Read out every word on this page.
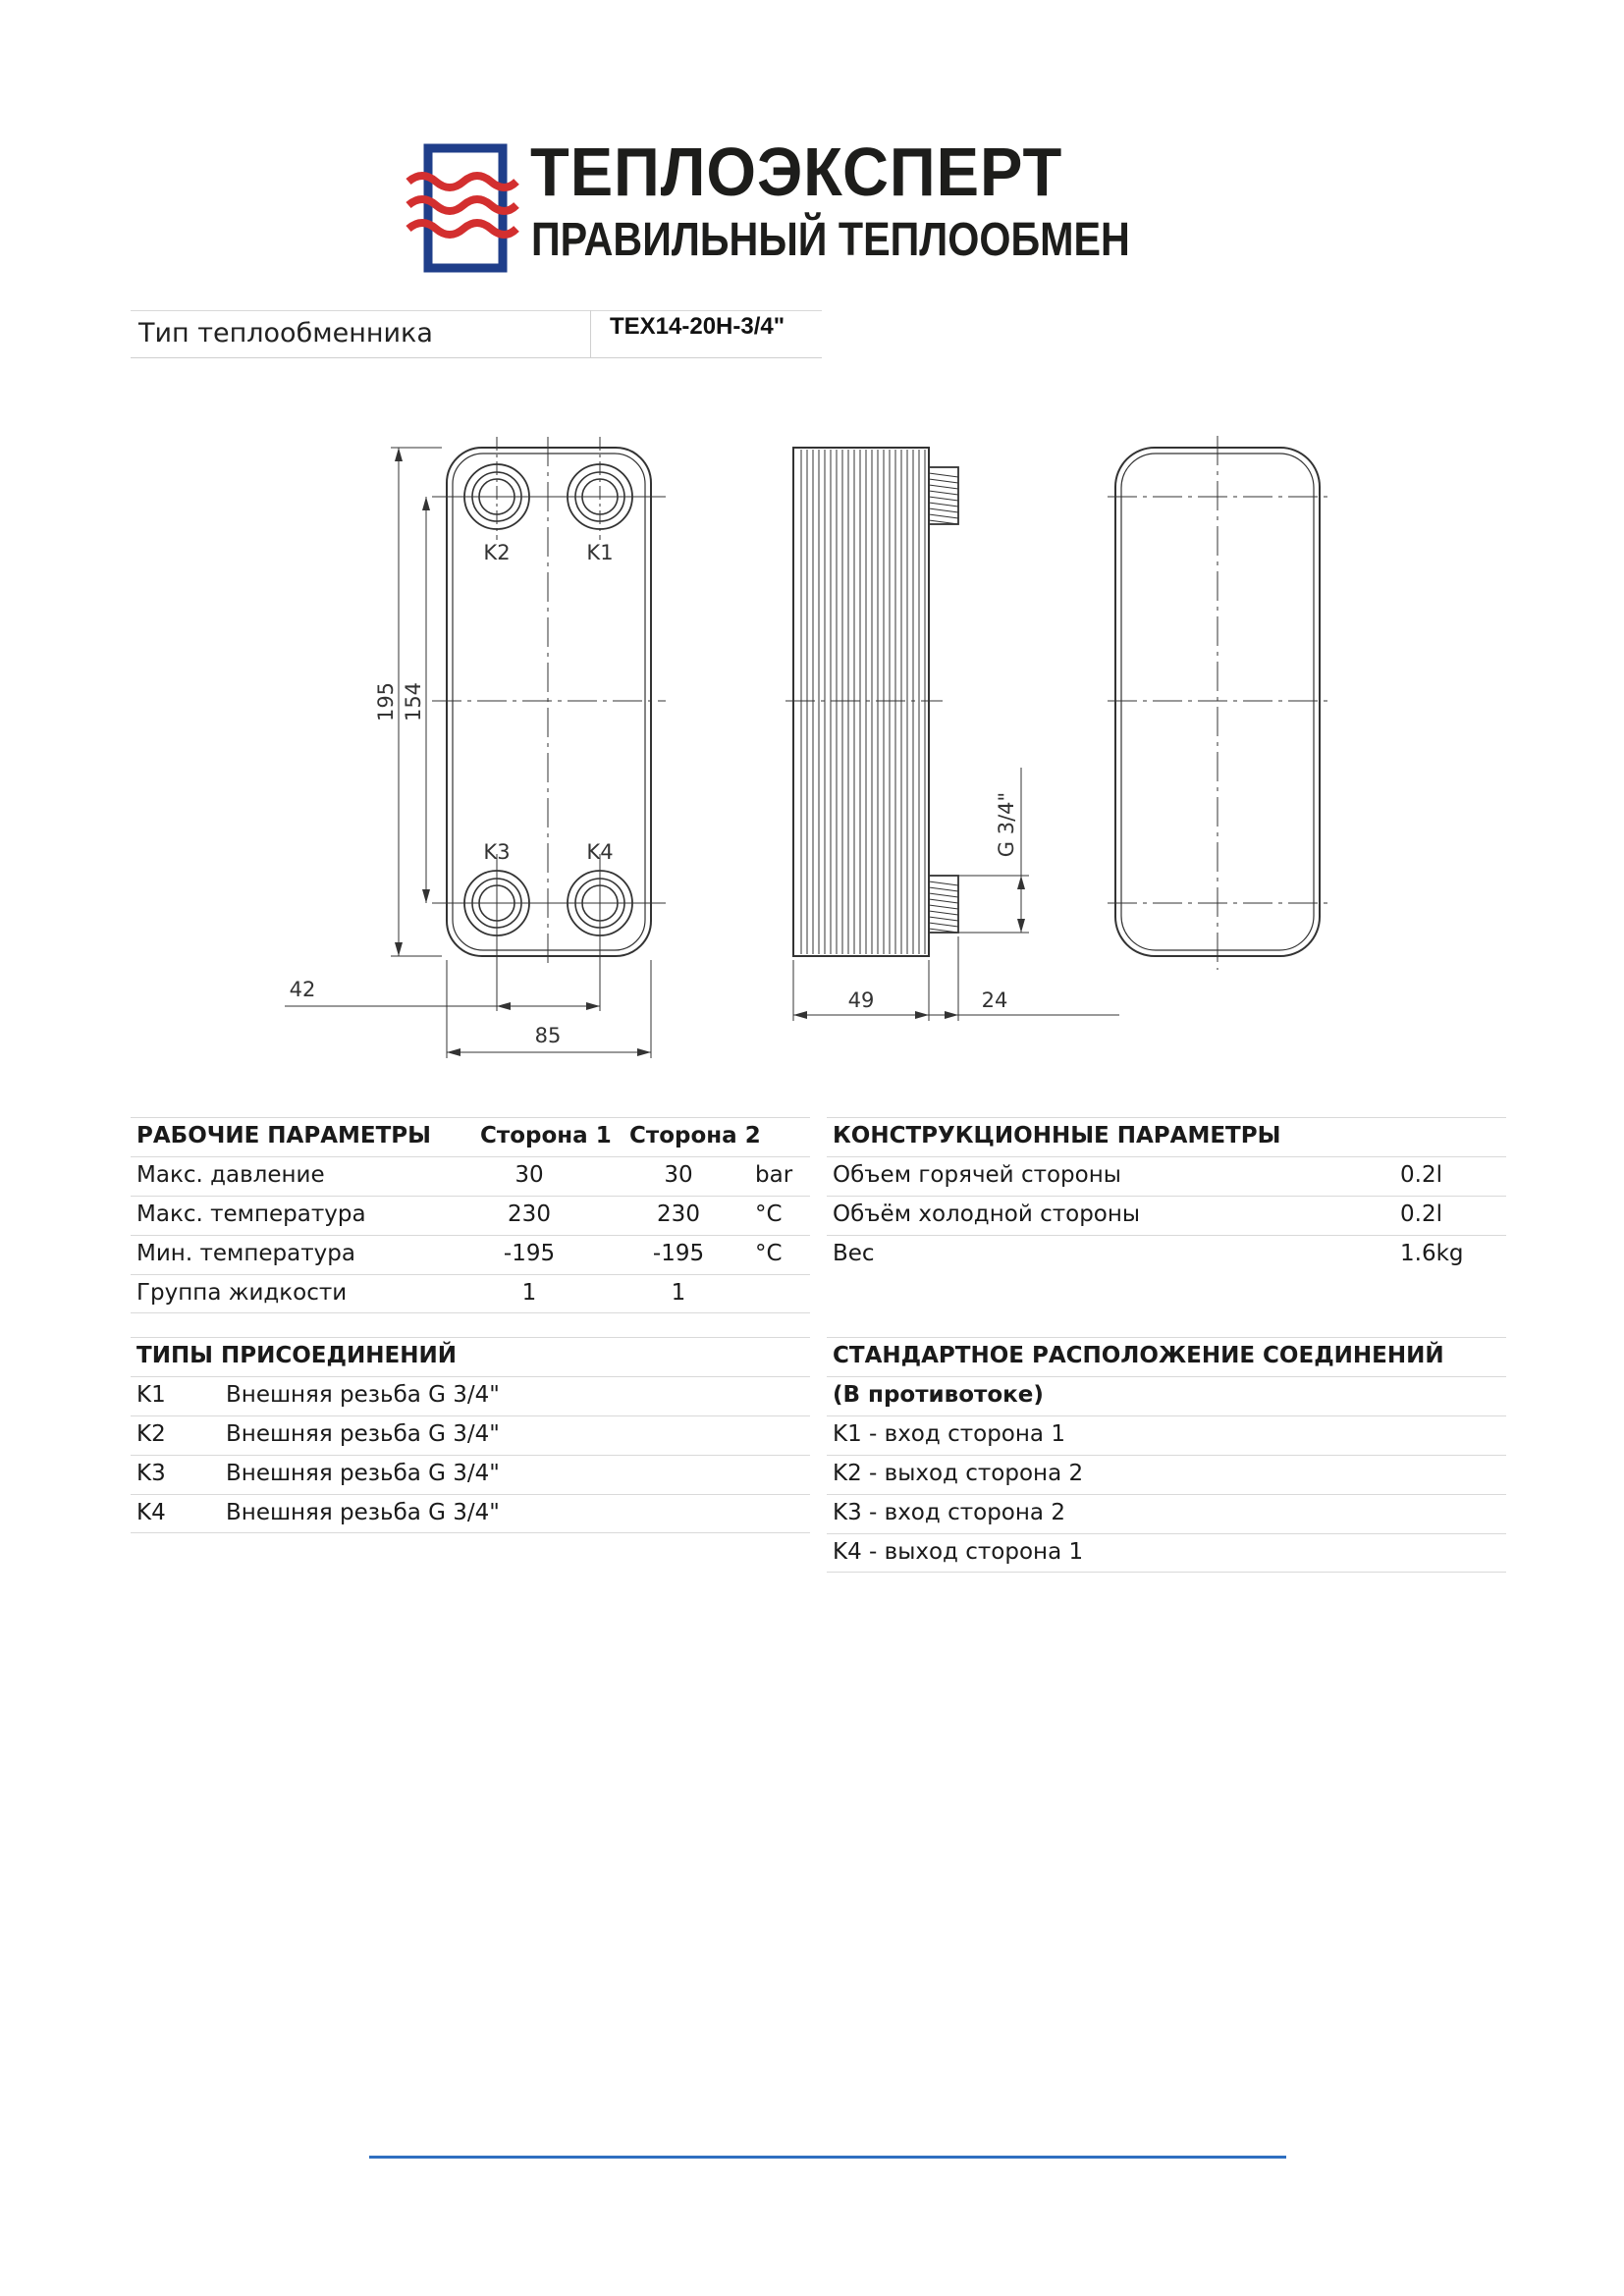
ТЕПЛОЭКСПЕРТ
ПРАВИЛЬНЫЙ ТЕПЛООБМЕН
Тип теплообменника	TEX14-20H-3/4"
K2	K1
K3	K4
195 154
42
85
49	24
G 3/4"
РАБОЧИЕ ПАРАМЕТРЫ Сторона 1 Сторона 2
Макс. давление	30	30	bar
Макс. температура	230	230	°C
Мин. температура	-195	-195	°C
Группа жидкости	1	1
КОНСТРУКЦИОННЫЕ ПАРАМЕТРЫ
Объем горячей стороны	0.2l
Объём холодной стороны	0.2l
Вес	1.6kg
ТИПЫ ПРИСОЕДИНЕНИЙ
K1	Внешняя резьба G 3/4"
K2	Внешняя резьба G 3/4"
K3	Внешняя резьба G 3/4"
K4	Внешняя резьба G 3/4"
СТАНДАРТНОЕ РАСПОЛОЖЕНИЕ СОЕДИНЕНИЙ
(В противотоке)
K1 - вход сторона 1
K2 - выход сторона 2
K3 - вход сторона 2
K4 - выход сторона 1
